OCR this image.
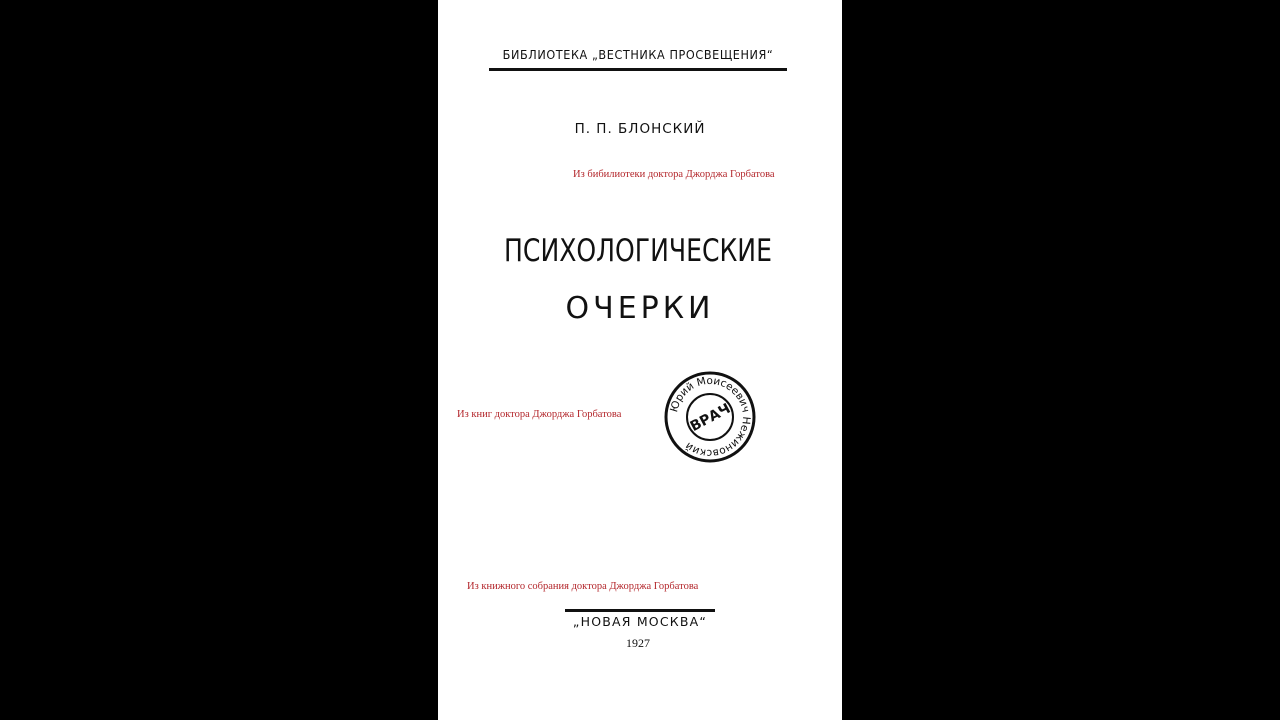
БИБЛИОТЕКА „ВЕСТНИКА ПРОСВЕЩЕНИЯ“
П. П. БЛОНСКИЙ
Из бибилиотеки доктора Джорджа Горбатова
ПСИХОЛОГИЧЕСКИЕ
ОЧЕРКИ
Из книг доктора Джорджа Горбатова
Юрий Моисеевич Нежиновский
ВРАЧ
Из книжного собрания доктора Джорджа Горбатова
„НОВАЯ МОСКВА“
1927
